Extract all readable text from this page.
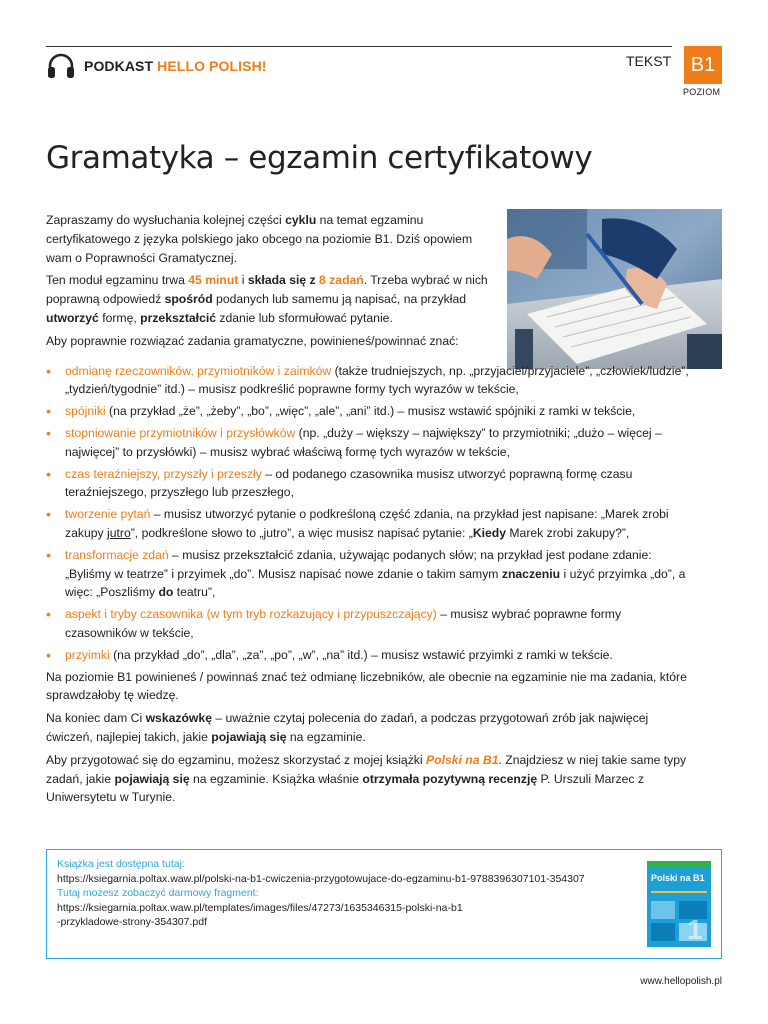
PODKAST HELLO POLISH!	TEKST B1
POZIOM
Gramatyka – egzamin certyfikatowy

Zapraszamy do wysłuchania kolejnej części cyklu na temat egzaminu certyfikatowego z języka polskiego jako obcego na poziomie B1. Dziś opowiem wam o Poprawności Gramatycznej.

Ten moduł egzaminu trwa 45 minut i składa się z 8 zadań. Trzeba wybrać w nich poprawną odpowiedź spośród podanych lub samemu ją napisać, na przykład utworzyć formę, przekształcić zdanie lub sformułować pytanie.

Aby poprawnie rozwiązać zadania gramatyczne, powinieneś/powinnać znać:

• odmianę rzeczowników, przymiotników i zaimków (także trudniejszych, np. „przyjaciel/przyjaciele”, „człowiek/ludzie”, „tydzień/tygodnie” itd.) – musisz podkreślić poprawne formy tych wyrazów w tekście,
• spójniki (na przykład „że”, „żeby”, „bo”, „więc”, „ale”, „ani” itd.) – musisz wstawić spójniki z ramki w tekście,
• stopniowanie przymiotników i przysłówków (np. „duży – większy – największy” to przymiotniki; „dużo – więcej – najwięcej” to przysłówki) – musisz wybrać właściwą formę tych wyrazów w tekście,
• czas teraźniejszy, przyszły i przeszły – od podanego czasownika musisz utworzyć poprawną formę czasu teraźniejszego, przyszłego lub przeszłego,
• tworzenie pytań – musisz utworzyć pytanie o podkreśloną część zdania, na przykład jest napisane: „Marek zrobi zakupy jutro”, podkreślone słowo to „jutro”, a więc musisz napisać pytanie: „Kiedy Marek zrobi zakupy?”,
• transformacje zdań – musisz przekształcić zdania, używając podanych słów; na przykład jest podane zdanie: „Byliśmy w teatrze” i przyimek „do”. Musisz napisać nowe zdanie o takim samym znaczeniu i użyć przyimka „do”, a więc: „Poszliśmy do teatru”,
• aspekt i tryby czasownika (w tym tryb rozkazujący i przypuszczający) – musisz wybrać poprawne formy czasowników w tekście,
• przyimki (na przykład „do”, „dla”, „za”, „po”, „w”, „na” itd.) – musisz wstawić przyimki z ramki w tekście.

Na poziomie B1 powinieneś / powinnaś znać też odmianę liczebników, ale obecnie na egzaminie nie ma zadania, które sprawdzałoby tę wiedzę.

Na koniec dam Ci wskazówkę – uważnie czytaj polecenia do zadań, a podczas przygotowań zrób jak najwięcej ćwiczeń, najlepiej takich, jakie pojawiają się na egzaminie.

Aby przygotować się do egzaminu, możesz skorzystać z mojej książki Polski na B1. Znajdziesz w niej takie same typy zadań, jakie pojawiają się na egzaminie. Książka właśnie otrzymała pozytywną recenzję P. Urszuli Marzec z Uniwersytetu w Turynie.

Książka jest dostępna tutaj:
https://ksiegarnia.poltax.waw.pl/polski-na-b1-cwiczenia-przygotowujace-do-egzaminu-b1-9788396307101-354307
Tutaj możesz zobaczyć darmowy fragment:
https://ksiegarnia.poltax.waw.pl/templates/images/files/47273/1635346315-polski-na-b1
-przykladowe-strony-354307.pdf	1
Polski na B1
www.hellopolish.pl
